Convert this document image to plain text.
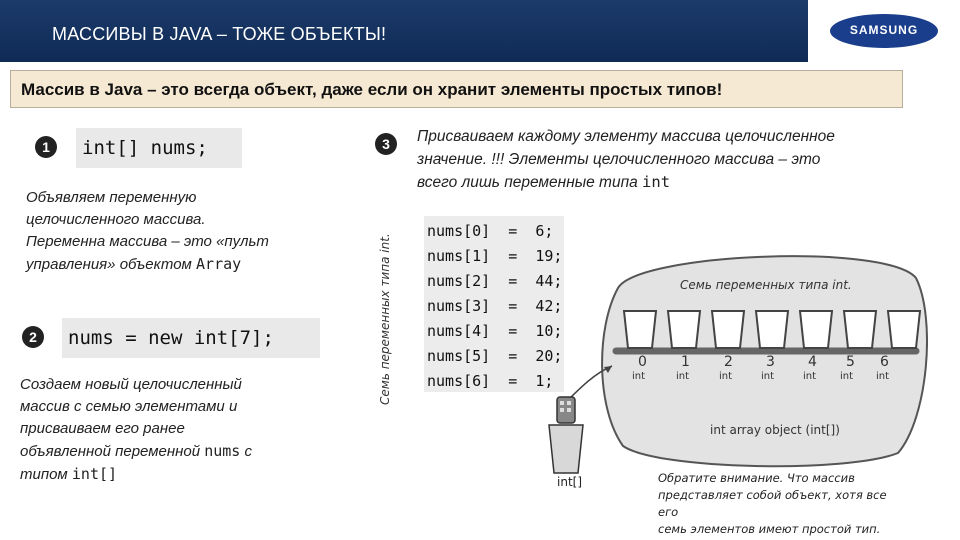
МАССИВЫ В JAVA – ТОЖЕ ОБЪЕКТЫ!	SAMSUNG
Массив в Java – это всегда объект, даже если он хранит элементы простых типов!
1	int[] nums;
Объявляем переменную
целочисленного массива.
Переменна массива – это «пульт
управления» объектом Array
2	nums = new int[7];
Создаем новый целочисленный
массив с семью элементами и
присваиваем его ранее
объявленной переменной nums с
типом int[]
3	Присваиваем каждому элементу массива целочисленное
значение. !!! Элементы целочисленного массива – это
всего лишь переменные типа int
Семь переменных типа int.
nums[0]  =  6;
nums[1]  =  19;
nums[2]  =  44;
nums[3]  =  42;
nums[4]  =  10;
nums[5]  =  20;
nums[6]  =  1;
Семь переменных типа int.
int array object (int[])
0 1 2 3 4 5 6
int	int	int	int	int int int
int[]	Обратите внимание. Что массив
представляет собой объект, хотя все его
семь элементов имеют простой тип.
